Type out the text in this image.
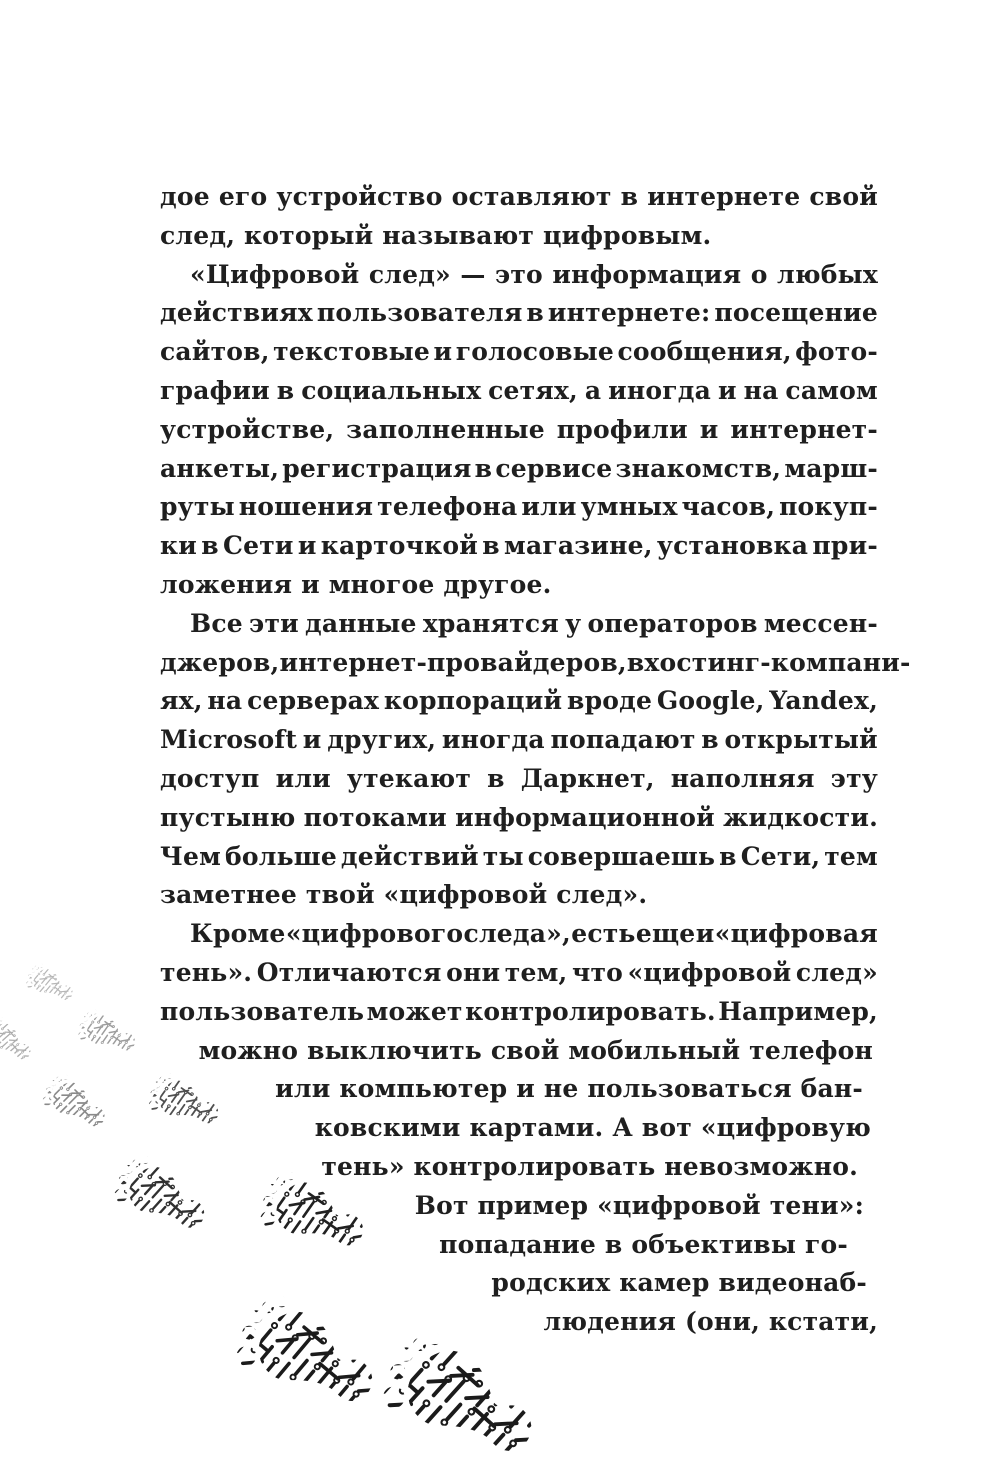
дое его устройство оставляют в интернете свой
след, который называют цифровым.
«Цифровой след» — это информация о любых
действиях пользователя в интернете: посещение
сайтов, текстовые и голосовые сообщения, фото-
графии в социальных сетях, а иногда и на самом
устройстве, заполненные профили и интернет-
анкеты, регистрация в сервисе знакомств, марш-
руты ношения телефона или умных часов, покуп-
ки в Сети и карточкой в магазине, установка при-
ложения и многое другое.
Все эти данные хранятся у операторов мессен-
джеров, интернет-провайдеров, в хостинг-компани-
ях, на серверах корпораций вроде Google, Yandex,
Microsoft и других, иногда попадают в открытый
доступ или утекают в Даркнет, наполняя эту
пустыню потоками информационной жидкости.
Чем больше действий ты совершаешь в Сети, тем
заметнее твой «цифровой след».
Кроме «цифрового следа», есть еще и «цифровая
тень». Отличаются они тем, что «цифровой след»
пользователь может контролировать. Например,
можно выключить свой мобильный телефон
или компьютер и не пользоваться бан-
ковскими картами. А вот «цифровую
тень» контролировать невозможно.
Вот пример «цифровой тени»:
попадание в объективы го-
родских камер видеонаб-
людения (они, кстати,
